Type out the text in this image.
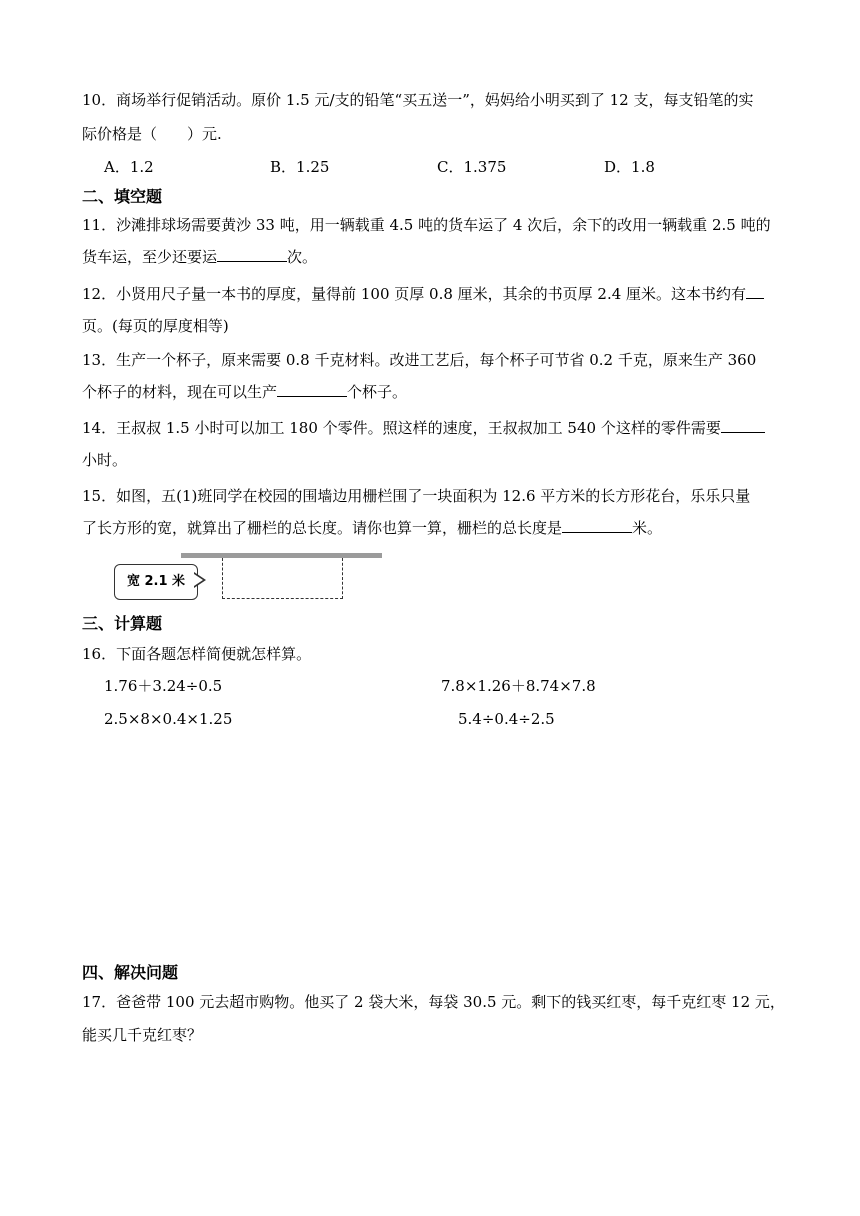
10．商场举行促销活动。原价 1.5 元/支的铅笔“买五送一”，妈妈给小明买到了 12 支，每支铅笔的实
际价格是（　　）元.
A．1.2	B．1.25	C．1.375	D．1.8
二、填空题
11．沙滩排球场需要黄沙 33 吨，用一辆载重 4.5 吨的货车运了 4 次后，余下的改用一辆载重 2.5 吨的
货车运，至少还要运	次。
12．小贤用尺子量一本书的厚度，量得前 100 页厚 0.8 厘米，其余的书页厚 2.4 厘米。这本书约有
页。(每页的厚度相等)
13．生产一个杯子，原来需要 0.8 千克材料。改进工艺后，每个杯子可节省 0.2 千克，原来生产 360
个杯子的材料，现在可以生产	个杯子。
14．王叔叔 1.5 小时可以加工 180 个零件。照这样的速度，王叔叔加工 540 个这样的零件需要
小时。
15．如图，五(1)班同学在校园的围墙边用栅栏围了一块面积为 12.6 平方米的长方形花台，乐乐只量
了长方形的宽，就算出了栅栏的总长度。请你也算一算，栅栏的总长度是	米。
宽 2.1 米
三、计算题
16．下面各题怎样简便就怎样算。
1.76＋3.24÷0.5	7.8×1.26＋8.74×7.8
2.5×8×0.4×1.25	5.4÷0.4÷2.5
四、解决问题
17．爸爸带 100 元去超市购物。他买了 2 袋大米，每袋 30.5 元。剩下的钱买红枣，每千克红枣 12 元，
能买几千克红枣？
